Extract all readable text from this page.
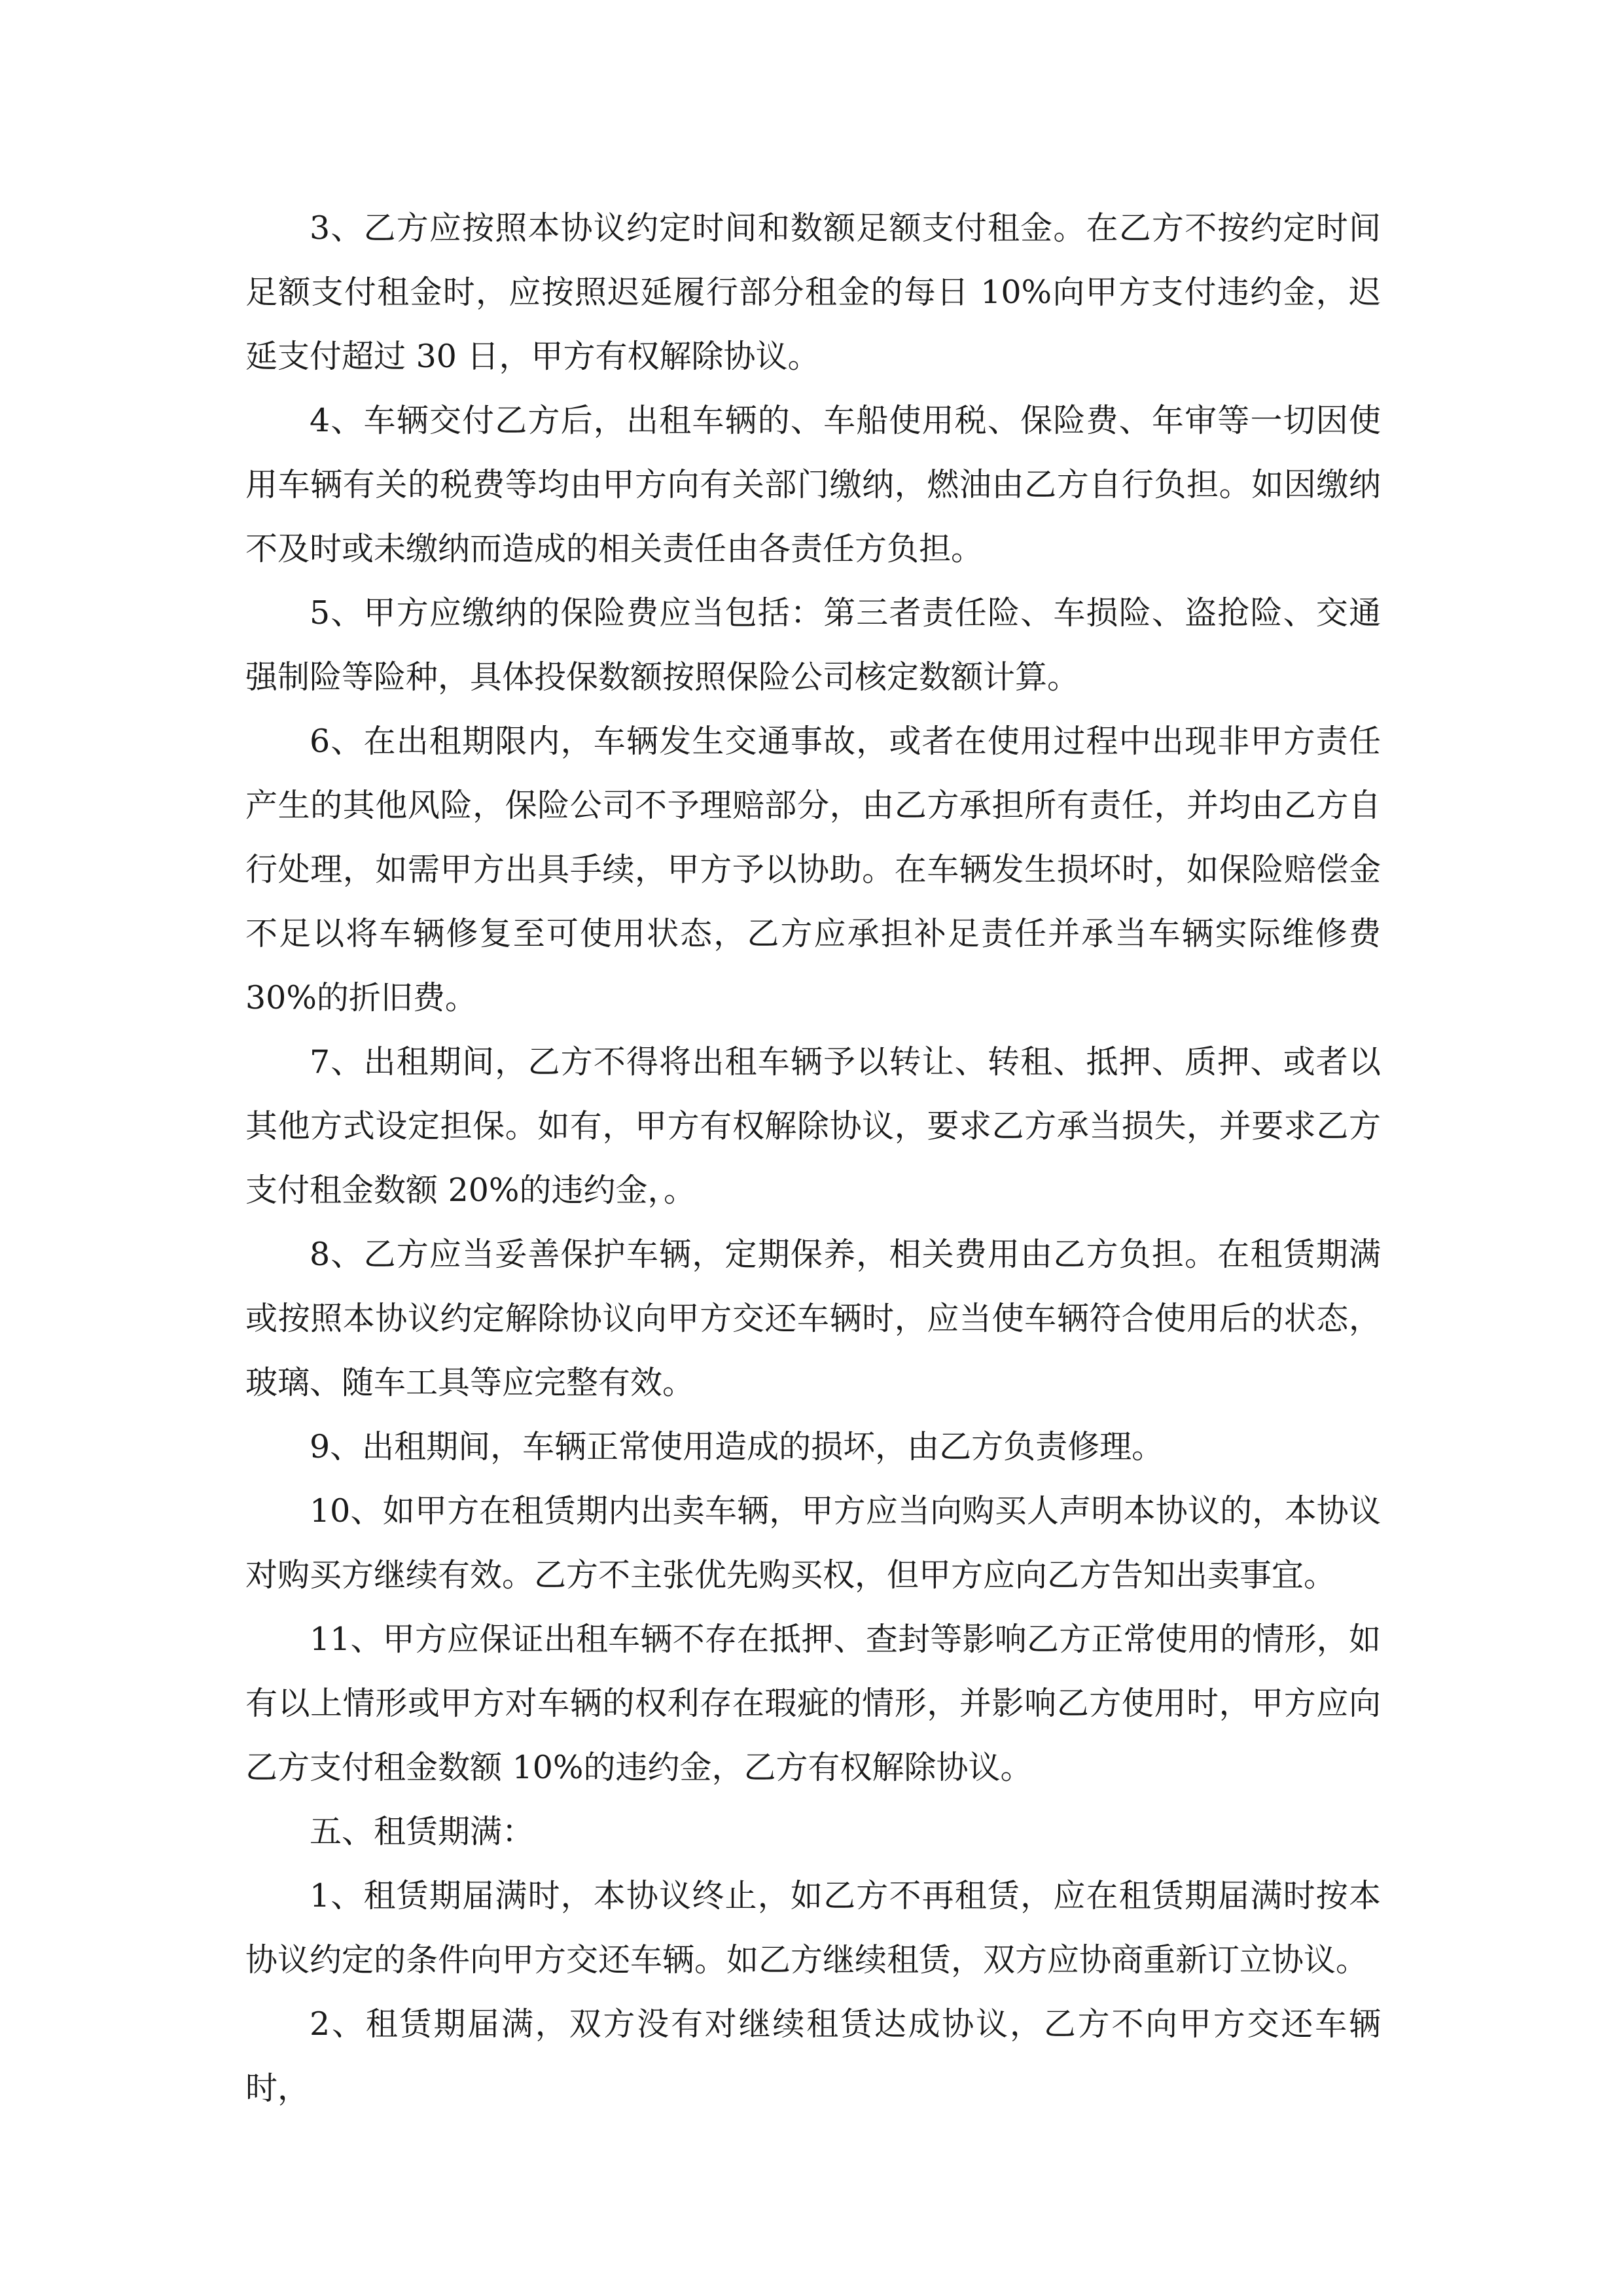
3、乙方应按照本协议约定时间和数额足额支付租金。在乙方不按约定时间足额支付租金时，应按照迟延履行部分租金的每日 10%向甲方支付违约金，迟延支付超过 30 日，甲方有权解除协议。

4、车辆交付乙方后，出租车辆的、车船使用税、保险费、年审等一切因使用车辆有关的税费等均由甲方向有关部门缴纳，燃油由乙方自行负担。如因缴纳不及时或未缴纳而造成的相关责任由各责任方负担。

5、甲方应缴纳的保险费应当包括：第三者责任险、车损险、盗抢险、交通强制险等险种，具体投保数额按照保险公司核定数额计算。

6、在出租期限内，车辆发生交通事故，或者在使用过程中出现非甲方责任产生的其他风险，保险公司不予理赔部分，由乙方承担所有责任，并均由乙方自行处理，如需甲方出具手续，甲方予以协助。在车辆发生损坏时，如保险赔偿金不足以将车辆修复至可使用状态，乙方应承担补足责任并承当车辆实际维修费30%的折旧费。

7、出租期间，乙方不得将出租车辆予以转让、转租、抵押、质押、或者以其他方式设定担保。如有，甲方有权解除协议，要求乙方承当损失，并要求乙方支付租金数额 20%的违约金，。

8、乙方应当妥善保护车辆，定期保养，相关费用由乙方负担。在租赁期满或按照本协议约定解除协议向甲方交还车辆时，应当使车辆符合使用后的状态，玻璃、随车工具等应完整有效。

9、出租期间，车辆正常使用造成的损坏，由乙方负责修理。

10、如甲方在租赁期内出卖车辆，甲方应当向购买人声明本协议的，本协议对购买方继续有效。乙方不主张优先购买权，但甲方应向乙方告知出卖事宜。

11、甲方应保证出租车辆不存在抵押、查封等影响乙方正常使用的情形，如有以上情形或甲方对车辆的权利存在瑕疵的情形，并影响乙方使用时，甲方应向乙方支付租金数额 10%的违约金，乙方有权解除协议。

五、租赁期满：

1、租赁期届满时，本协议终止，如乙方不再租赁，应在租赁期届满时按本协议约定的条件向甲方交还车辆。如乙方继续租赁，双方应协商重新订立协议。

2、租赁期届满，双方没有对继续租赁达成协议，乙方不向甲方交还车辆时，
